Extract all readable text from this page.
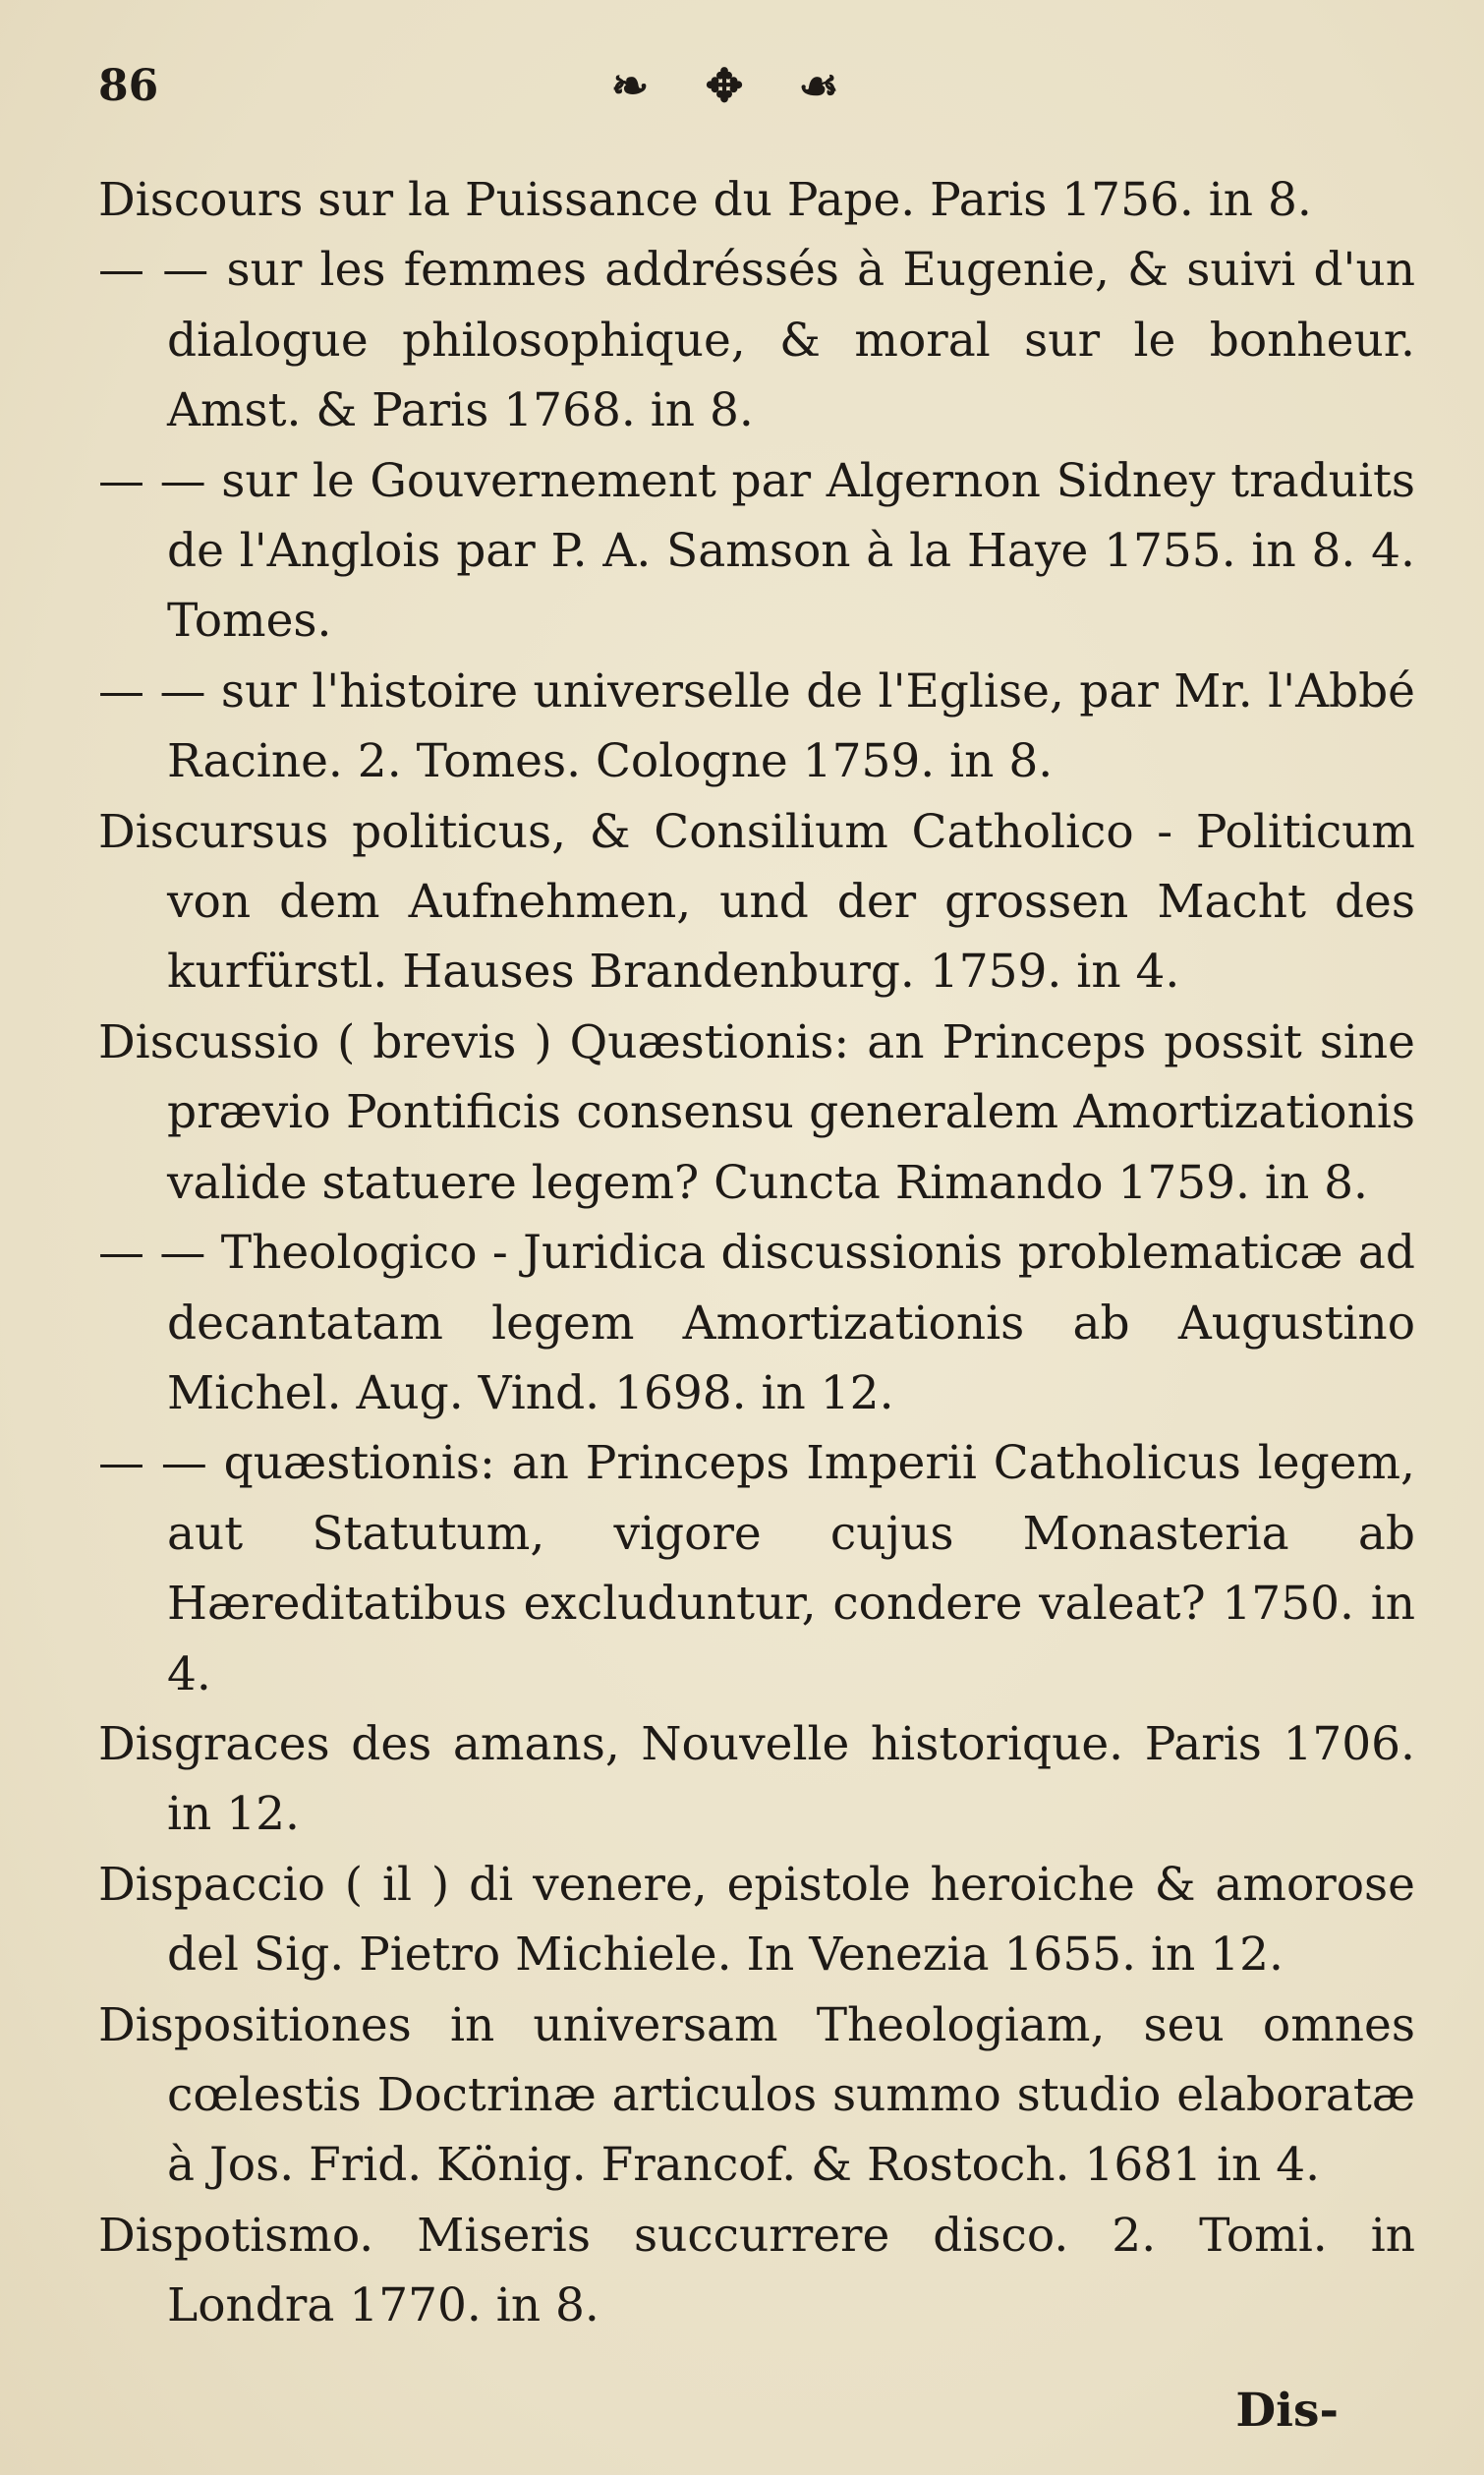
86	❧ ✥ ☙

Discours sur la Puissance du Pape. Paris 1756. in 8.

— — sur les femmes addréssés à Eugenie, & suivi d'un dialogue philosophique, & moral sur le bonheur. Amst. & Paris 1768. in 8.

— — sur le Gouvernement par Algernon Sidney traduits de l'Anglois par P. A. Samson à la Haye 1755. in 8. 4. Tomes.

— — sur l'histoire universelle de l'Eglise, par Mr. l'Abbé Racine. 2. Tomes. Cologne 1759. in 8.

Discursus politicus, & Consilium Catholico - Politicum von dem Aufnehmen, und der grossen Macht des kurfürstl. Hauses Brandenburg. 1759. in 4.

Discussio ( brevis ) Quæstionis: an Princeps possit sine prævio Pontificis consensu generalem Amortizationis valide statuere legem? Cuncta Rimando 1759. in 8.

— — Theologico - Juridica discussionis problematicæ ad decantatam legem Amortizationis ab Augustino Michel. Aug. Vind. 1698. in 12.

— — quæstionis: an Princeps Imperii Catholicus legem, aut Statutum, vigore cujus Monasteria ab Hæreditatibus excluduntur, condere valeat? 1750. in 4.

Disgraces des amans, Nouvelle historique. Paris 1706. in 12.

Dispaccio ( il ) di venere, epistole heroiche & amorose del Sig. Pietro Michiele. In Venezia 1655. in 12.

Dispositiones in universam Theologiam, seu omnes cœlestis Doctrinæ articulos summo studio elaboratæ à Jos. Frid. König. Francof. & Rostoch. 1681 in 4.

Dispotismo. Miseris succurrere disco. 2. Tomi. in Londra 1770. in 8.

Dis-
